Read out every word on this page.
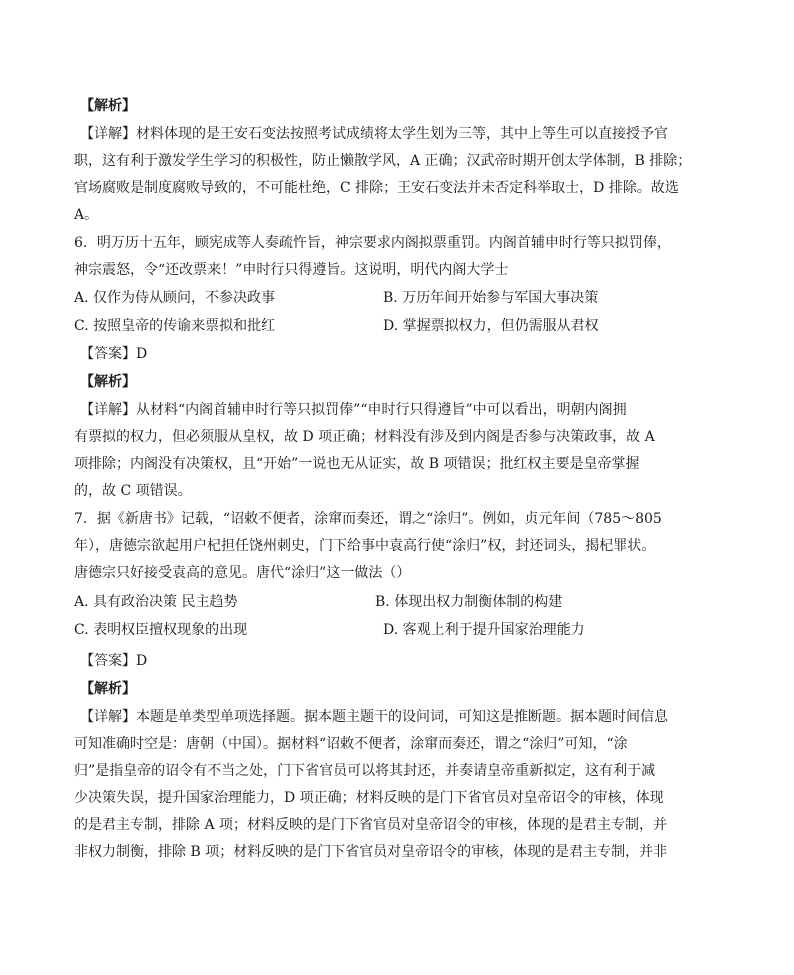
【解析】
【详解】材料体现的是王安石变法按照考试成绩将太学生划为三等，其中上等生可以直接授予官
职，这有利于激发学生学习的积极性，防止懒散学风，A 正确；汉武帝时期开创太学体制，B 排除；
官场腐败是制度腐败导致的，不可能杜绝，C 排除；王安石变法并未否定科举取士，D 排除。故选
A。
6．明万历十五年，顾宪成等人奏疏忤旨，神宗要求内阁拟票重罚。内阁首辅申时行等只拟罚俸，
神宗震怒，令“还改票来！”申时行只得遵旨。这说明，明代内阁大学士
【答案】D
【解析】
【详解】从材料“内阁首辅申时行等只拟罚俸”“申时行只得遵旨”中可以看出，明朝内阁拥
有票拟的权力，但必须服从皇权，故 D 项正确；材料没有涉及到内阁是否参与决策政事，故 A
项排除；内阁没有决策权，且“开始”一说也无从证实，故 B 项错误；批红权主要是皇帝掌握
的，故 C 项错误。
7．据《新唐书》记载，“诏敕不便者，涂窜而奏还，谓之“涂归”。例如，贞元年间（785～805
年），唐德宗欲起用户杞担任饶州刺史，门下给事中袁高行使“涂归”权，封还词头，揭杞罪状。
唐德宗只好接受袁高的意见。唐代“涂归”这一做法（）
【答案】D
【解析】
【详解】本题是单类型单项选择题。据本题主题干的设问词，可知这是推断题。据本题时间信息
可知准确时空是：唐朝（中国）。据材料“诏敕不便者，涂窜而奏还，谓之“涂归”可知，“涂
归”是指皇帝的诏令有不当之处，门下省官员可以将其封还，并奏请皇帝重新拟定，这有利于减
少决策失误，提升国家治理能力，D 项正确；材料反映的是门下省官员对皇帝诏令的审核，体现
的是君主专制，排除 A 项；材料反映的是门下省官员对皇帝诏令的审核，体现的是君主专制，并
非权力制衡，排除 B 项；材料反映的是门下省官员对皇帝诏令的审核，体现的是君主专制，并非
A. 仅作为侍从顾问，不参决政事	B. 万历年间开始参与军国大事决策
C. 按照皇帝的传谕来票拟和批红	D. 掌握票拟权力，但仍需服从君权
A. 具有政治决策 民主趋势	B. 体现出权力制衡体制的构建
C. 表明权臣擅权现象的出现	D. 客观上利于提升国家治理能力
